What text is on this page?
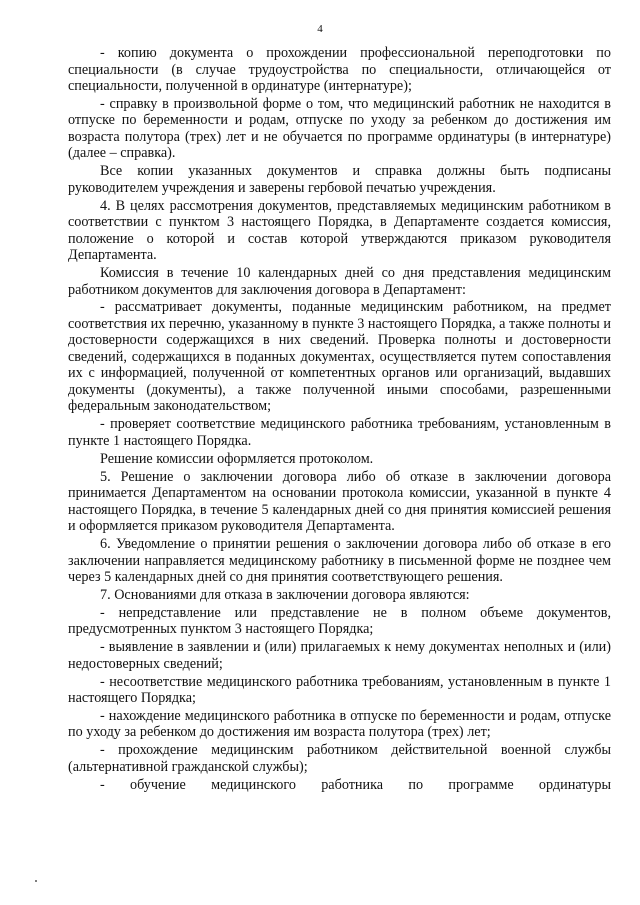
4

- копию документа о прохождении профессиональной переподготовки по специальности (в случае трудоустройства по специальности, отличающейся от специальности, полученной в ординатуре (интернатуре);

- справку в произвольной форме о том, что медицинский работник не находится в отпуске по беременности и родам, отпуске по уходу за ребенком до достижения им возраста полутора (трех) лет и не обучается по программе ординатуры (в интернатуре) (далее – справка).

Все копии указанных документов и справка должны быть подписаны руководителем учреждения и заверены гербовой печатью учреждения.

4. В целях рассмотрения документов, представляемых медицинским работником в соответствии с пунктом 3 настоящего Порядка, в Департаменте создается комиссия, положение о которой и состав которой утверждаются приказом руководителя Департамента.

Комиссия в течение 10 календарных дней со дня представления медицинским работником документов для заключения договора в Департамент:

- рассматривает документы, поданные медицинским работником, на предмет соответствия их перечню, указанному в пункте 3 настоящего Порядка, а также полноты и достоверности содержащихся в них сведений. Проверка полноты и достоверности сведений, содержащихся в поданных документах, осуществляется путем сопоставления их с информацией, полученной от компетентных органов или организаций, выдавших документы (документы), а также полученной иными способами, разрешенными федеральным законодательством;

- проверяет соответствие медицинского работника требованиям, установленным в пункте 1 настоящего Порядка.

Решение комиссии оформляется протоколом.

5. Решение о заключении договора либо об отказе в заключении договора принимается Департаментом на основании протокола комиссии, указанной в пункте 4 настоящего Порядка, в течение 5 календарных дней со дня принятия комиссией решения и оформляется приказом руководителя Департамента.

6. Уведомление о принятии решения о заключении договора либо об отказе в его заключении направляется медицинскому работнику в письменной форме не позднее чем через 5 календарных дней со дня принятия соответствующего решения.

7. Основаниями для отказа в заключении договора являются:

- непредставление или представление не в полном объеме документов, предусмотренных пунктом 3 настоящего Порядка;

- выявление в заявлении и (или) прилагаемых к нему документах неполных и (или) недостоверных сведений;

- несоответствие медицинского работника требованиям, установленным в пункте 1 настоящего Порядка;

- нахождение медицинского работника в отпуске по беременности и родам, отпуске по уходу за ребенком до достижения им возраста полутора (трех) лет;

- прохождение медицинским работником действительной военной службы (альтернативной гражданской службы);

- обучение медицинского работника по программе ординатуры
